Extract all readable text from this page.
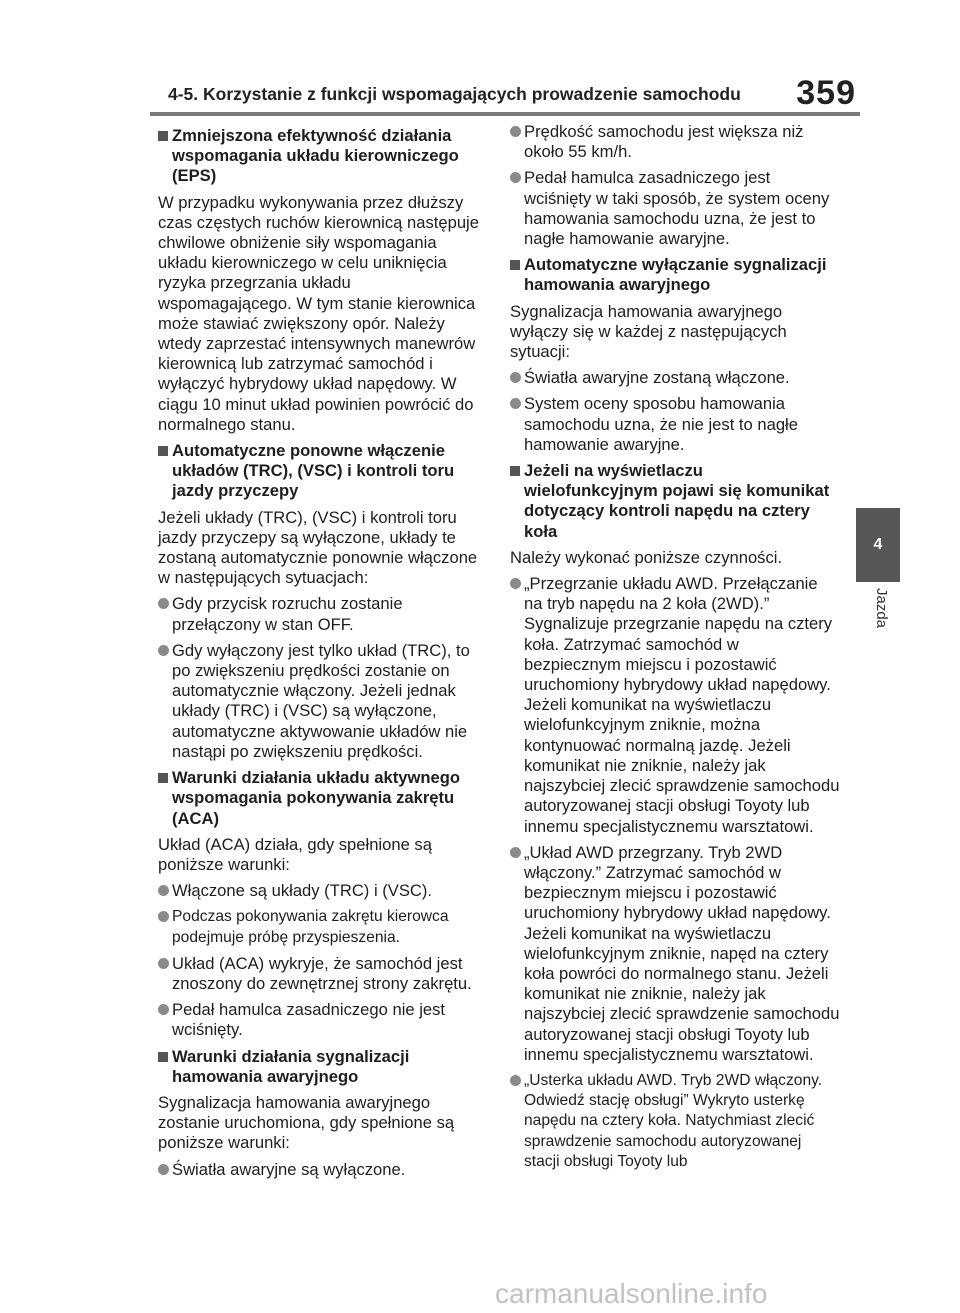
4-5. Korzystanie z funkcji wspomagających prowadzenie samochodu 359
4
Jazda
Zmniejszona efektywność działania wspomagania układu kierowniczego (EPS)

W przypadku wykonywania przez dłuższy czas częstych ruchów kierownicą następuje chwilowe obniżenie siły wspomagania układu kierowniczego w celu uniknięcia ryzyka przegrzania układu wspomagającego. W tym stanie kierownica może stawiać zwiększony opór. Należy wtedy zaprzestać intensywnych manewrów kierownicą lub zatrzymać samochód i wyłączyć hybrydowy układ napędowy. W ciągu 10 minut układ powinien powrócić do normalnego stanu.

Automatyczne ponowne włączenie układów (TRC), (VSC) i kontroli toru jazdy przyczepy

Jeżeli układy (TRC), (VSC) i kontroli toru jazdy przyczepy są wyłączone, układy te zostaną automatycznie ponownie włączone w następujących sytuacjach:

Gdy przycisk rozruchu zostanie przełączony w stan OFF.
Gdy wyłączony jest tylko układ (TRC), to po zwiększeniu prędkości zostanie on automatycznie włączony. Jeżeli jednak układy (TRC) i (VSC) są wyłączone, automatyczne aktywowanie układów nie nastąpi po zwiększeniu prędkości.
Warunki działania układu aktywnego wspomagania pokonywania zakrętu (ACA)

Układ (ACA) działa, gdy spełnione są poniższe warunki:

Włączone są układy (TRC) i (VSC).
Podczas pokonywania zakrętu kierowca podejmuje próbę przyspieszenia.
Układ (ACA) wykryje, że samochód jest znoszony do zewnętrznej strony zakrętu.
Pedał hamulca zasadniczego nie jest wciśnięty.
Warunki działania sygnalizacji hamowania awaryjnego

Sygnalizacja hamowania awaryjnego zostanie uruchomiona, gdy spełnione są poniższe warunki:

Światła awaryjne są wyłączone.
Prędkość samochodu jest większa niż około 55 km/h.
Pedał hamulca zasadniczego jest wciśnięty w taki sposób, że system oceny hamowania samochodu uzna, że jest to nagłe hamowanie awaryjne.
Automatyczne wyłączanie sygnalizacji hamowania awaryjnego

Sygnalizacja hamowania awaryjnego wyłączy się w każdej z następujących sytuacji:

Światła awaryjne zostaną włączone.
System oceny sposobu hamowania samochodu uzna, że nie jest to nagłe hamowanie awaryjne.
Jeżeli na wyświetlaczu wielofunkcyjnym pojawi się komunikat dotyczący kontroli napędu na cztery koła

Należy wykonać poniższe czynności.

„Przegrzanie układu AWD. Przełączanie na tryb napędu na 2 koła (2WD).” Sygnalizuje przegrzanie napędu na cztery koła. Zatrzymać samochód w bezpiecznym miejscu i pozostawić uruchomiony hybrydowy układ napędowy. Jeżeli komunikat na wyświetlaczu wielofunkcyjnym zniknie, można kontynuować normalną jazdę. Jeżeli komunikat nie zniknie, należy jak najszybciej zlecić sprawdzenie samochodu autoryzowanej stacji obsługi Toyoty lub innemu specjalistycznemu warsztatowi.
„Układ AWD przegrzany. Tryb 2WD włączony.” Zatrzymać samochód w bezpiecznym miejscu i pozostawić uruchomiony hybrydowy układ napędowy. Jeżeli komunikat na wyświetlaczu wielofunkcyjnym zniknie, napęd na cztery koła powróci do normalnego stanu. Jeżeli komunikat nie zniknie, należy jak najszybciej zlecić sprawdzenie samochodu autoryzowanej stacji obsługi Toyoty lub innemu specjalistycznemu warsztatowi.
„Usterka układu AWD. Tryb 2WD włączony. Odwiedź stację obsługi” Wykryto usterkę napędu na cztery koła. Natychmiast zlecić sprawdzenie samochodu autoryzowanej stacji obsługi Toyoty lub
carmanualsonline.info
